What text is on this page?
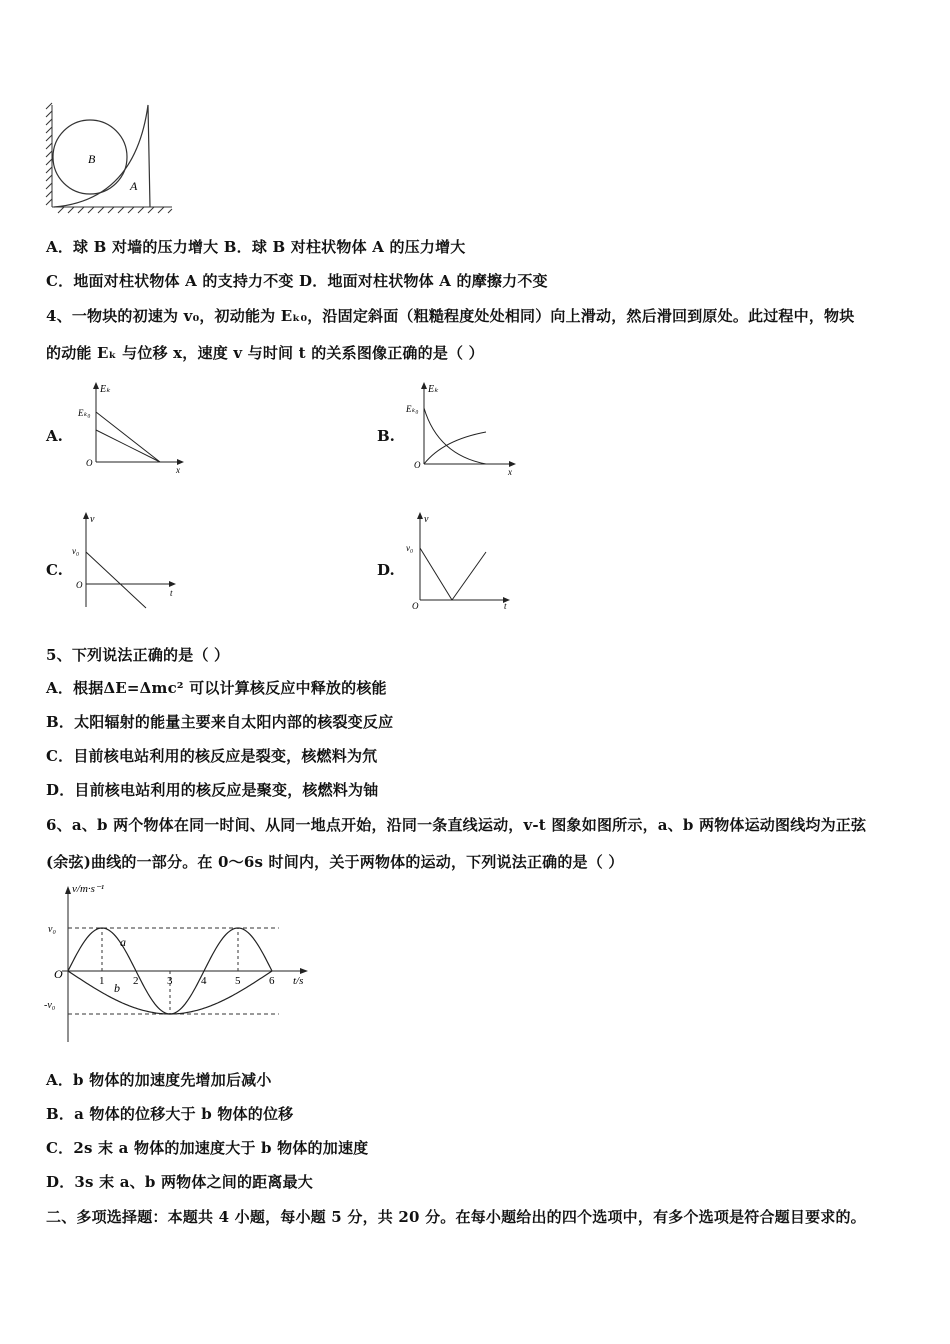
B
A
A．球 B 对墙的压力增大 B．球 B 对柱状物体 A 的压力增大
C．地面对柱状物体 A 的支持力不变 D．地面对柱状物体 A 的摩擦力不变
4、一物块的初速为 v₀，初动能为 Eₖ₀，沿固定斜面（粗糙程度处处相同）向上滑动，然后滑回到原处。此过程中，物块
的动能 Eₖ 与位移 x，速度 v 与时间 t 的关系图像正确的是（ ）
A.
Eₖ
Eₖ₀
O
x
B.
Eₖ
Eₖ₀
O
x
C.
v
v₀
O
t
D.
v
v₀
O	t
5、下列说法正确的是（ ）
A．根据ΔE=Δmc² 可以计算核反应中释放的核能
B．太阳辐射的能量主要来自太阳内部的核裂变反应
C．目前核电站利用的核反应是裂变，核燃料为氘
D．目前核电站利用的核反应是聚变，核燃料为铀
6、a、b 两个物体在同一时间、从同一地点开始，沿同一条直线运动，v-t 图象如图所示，a、b 两物体运动图线均为正弦
(余弦)曲线的一部分。在 0～6s 时间内，关于两物体的运动，下列说法正确的是（ ）
1	2	3	4	5	6
v/m·s⁻¹
t/s
O
v₀
-v₀
a
b
A．b 物体的加速度先增加后减小
B．a 物体的位移大于 b 物体的位移
C．2s 末 a 物体的加速度大于 b 物体的加速度
D．3s 末 a、b 两物体之间的距离最大
二、多项选择题：本题共 4 小题，每小题 5 分，共 20 分。在每小题给出的四个选项中，有多个选项是符合题目要求的。
